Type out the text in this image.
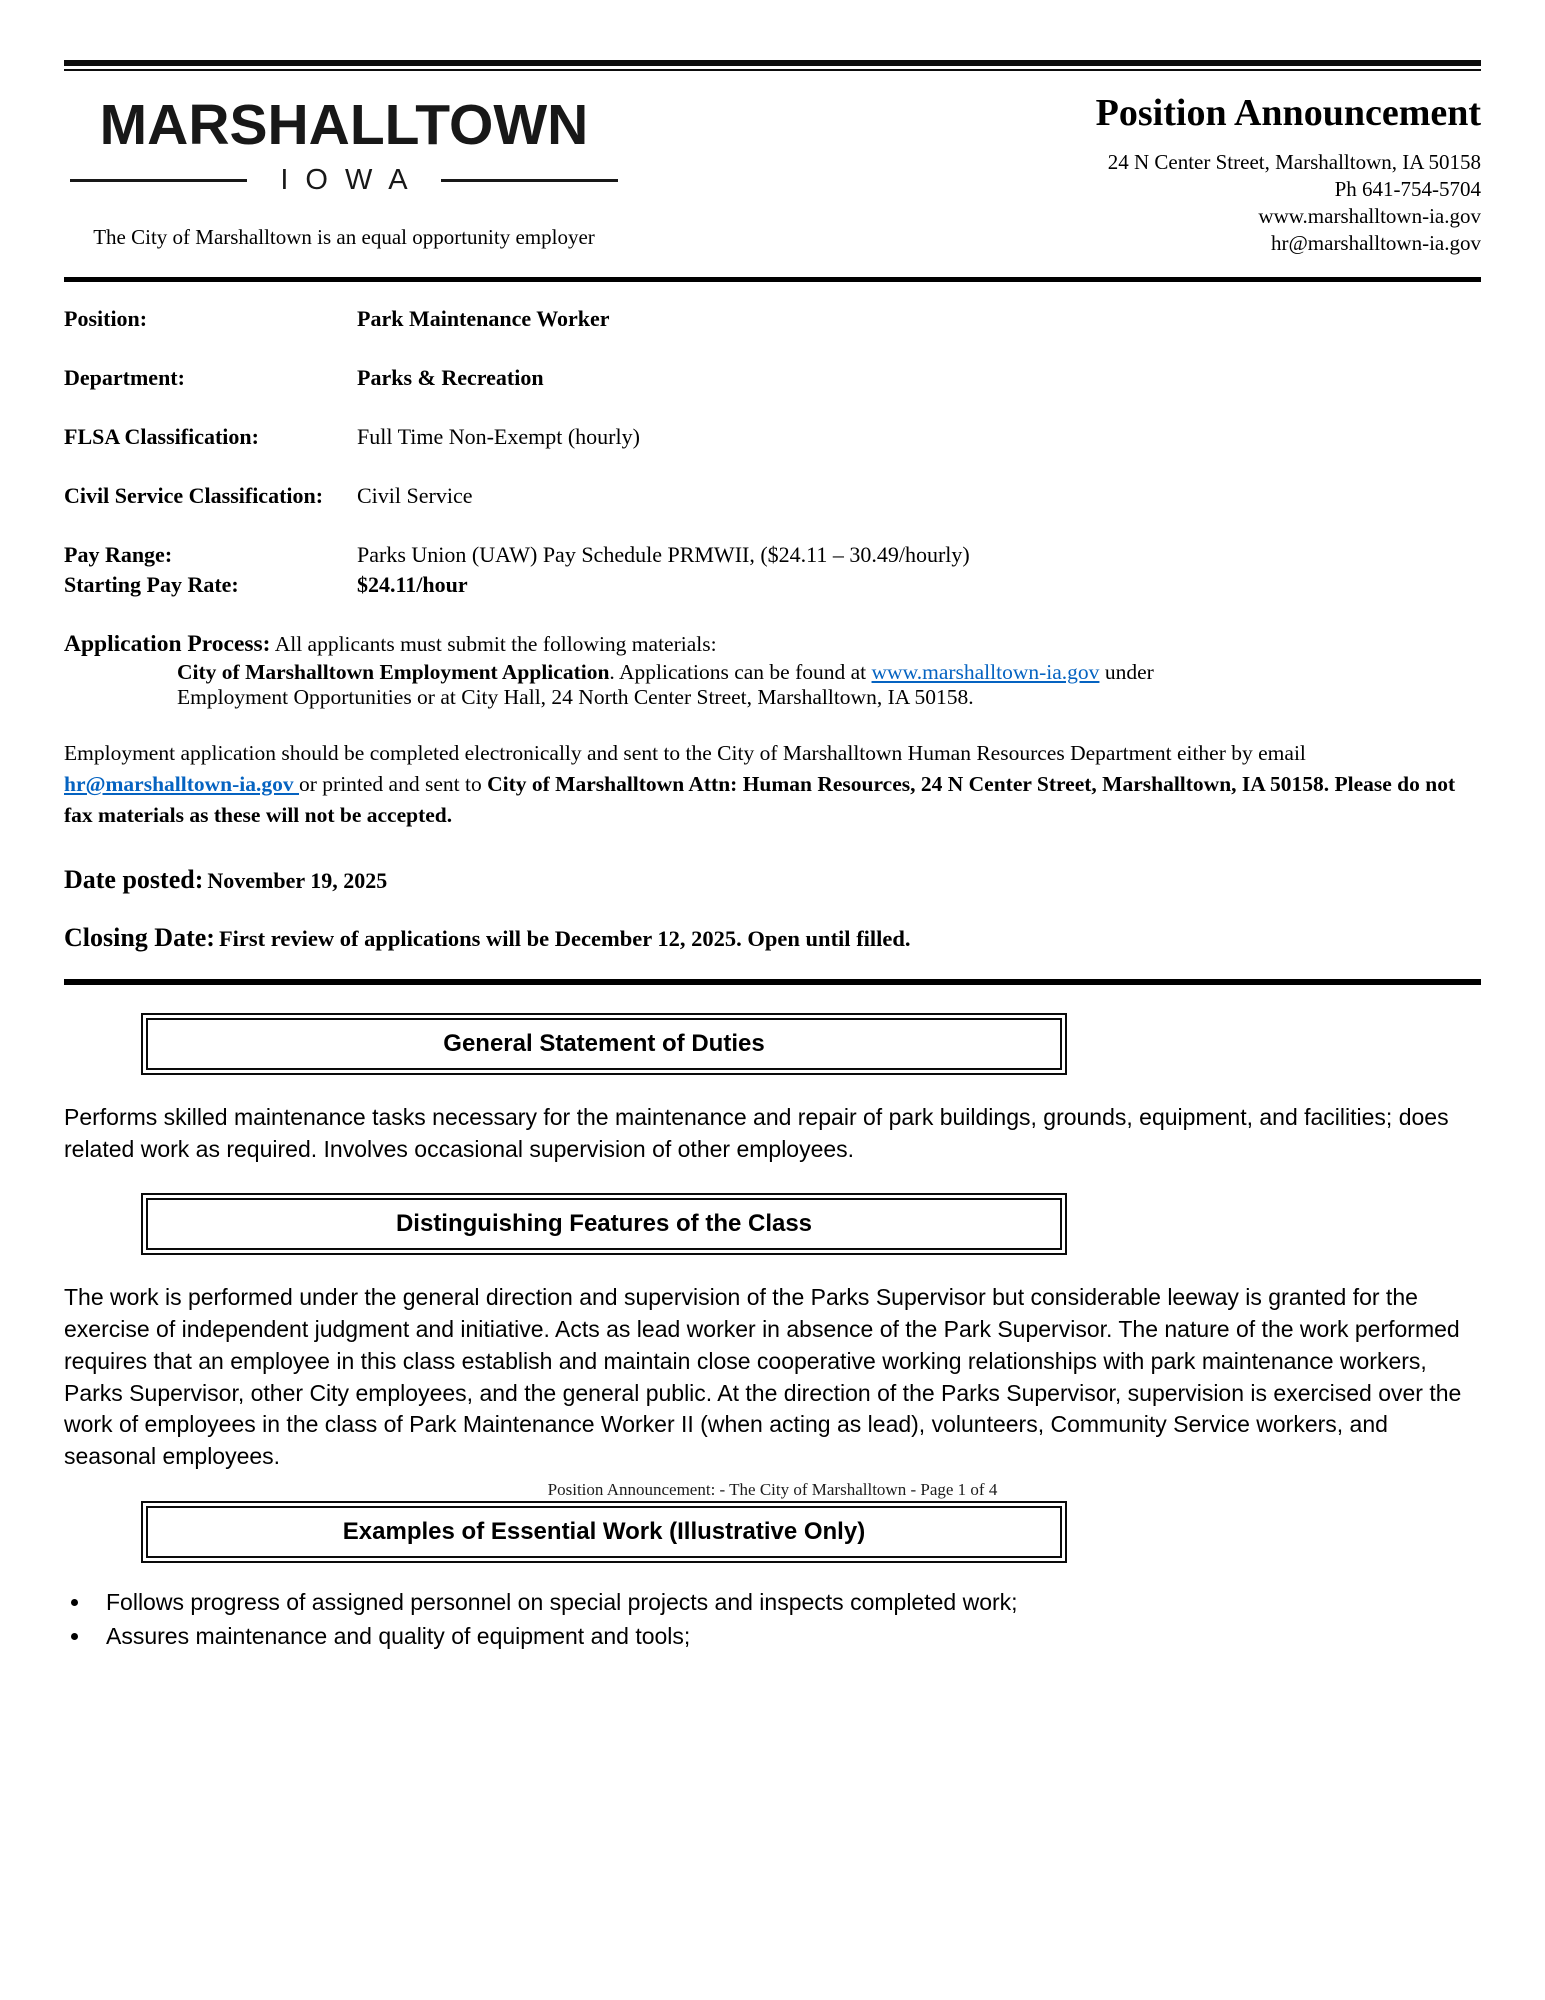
MARSHALLTOWN
IOWA
The City of Marshalltown is an equal opportunity employer
Position Announcement
24 N Center Street, Marshalltown, IA 50158
Ph 641-754-5704
www.marshalltown-ia.gov
hr@marshalltown-ia.gov
Position:	Park Maintenance Worker
Department:	Parks & Recreation
FLSA Classification:	Full Time Non-Exempt (hourly)
Civil Service Classification:	Civil Service
Pay Range:	Parks Union (UAW) Pay Schedule PRMWII, ($24.11 – 30.49/hourly)
Starting Pay Rate:	$24.11/hour
Application Process: All applicants must submit the following materials:
City of Marshalltown Employment Application. Applications can be found at www.marshalltown-ia.gov under Employment Opportunities or at City Hall, 24 North Center Street, Marshalltown, IA 50158.
Employment application should be completed electronically and sent to the City of Marshalltown Human Resources Department either by email hr@marshalltown-ia.gov or printed and sent to City of Marshalltown Attn: Human Resources, 24 N Center Street, Marshalltown, IA 50158. Please do not fax materials as these will not be accepted.
Date posted: November 19, 2025
Closing Date: First review of applications will be December 12, 2025. Open until filled.
General Statement of Duties
Performs skilled maintenance tasks necessary for the maintenance and repair of park buildings, grounds, equipment, and facilities; does related work as required. Involves occasional supervision of other employees.
Distinguishing Features of the Class
The work is performed under the general direction and supervision of the Parks Supervisor but considerable leeway is granted for the exercise of independent judgment and initiative. Acts as lead worker in absence of the Park Supervisor. The nature of the work performed requires that an employee in this class establish and maintain close cooperative working relationships with park maintenance workers, Parks Supervisor, other City employees, and the general public. At the direction of the Parks Supervisor, supervision is exercised over the work of employees in the class of Park Maintenance Worker II (when acting as lead), volunteers, Community Service workers, and seasonal employees.
Examples of Essential Work (Illustrative Only)
• Follows progress of assigned personnel on special projects and inspects completed work;
• Assures maintenance and quality of equipment and tools;
Position Announcement: - The City of Marshalltown - Page 1 of 4
